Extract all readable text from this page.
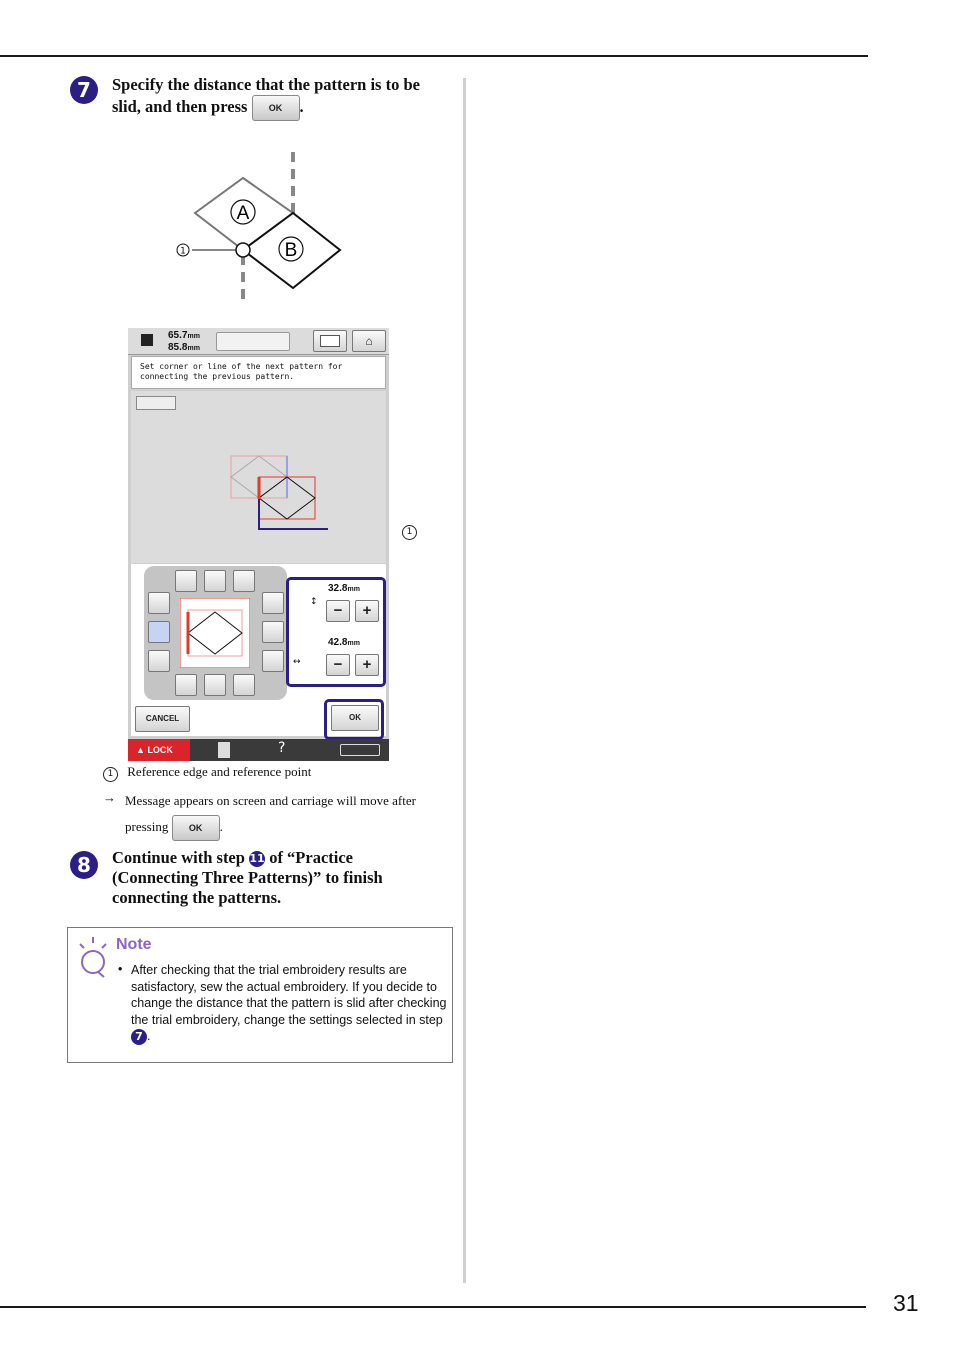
31
7	Specify the distance that the pattern is to be slid, and then press OK .
A
B
1
65.7mm
85.8mm
⌂
Set corner or line of the next pattern for connecting the previous pattern.
32.8mm
↕	−	+
42.8mm
↔	−	+
CANCEL	OK
▲ LOCK	?
1
1 Reference edge and reference point
→ Message appears on screen and carriage will move after pressing OK .
8	Continue with step 11 of “Practice (Connecting Three Patterns)” to finish connecting the patterns.
Note
• After checking that the trial embroidery results are satisfactory, sew the actual embroidery. If you decide to change the distance that the pattern is slid after checking the trial embroidery, change the settings selected in step 7 .
